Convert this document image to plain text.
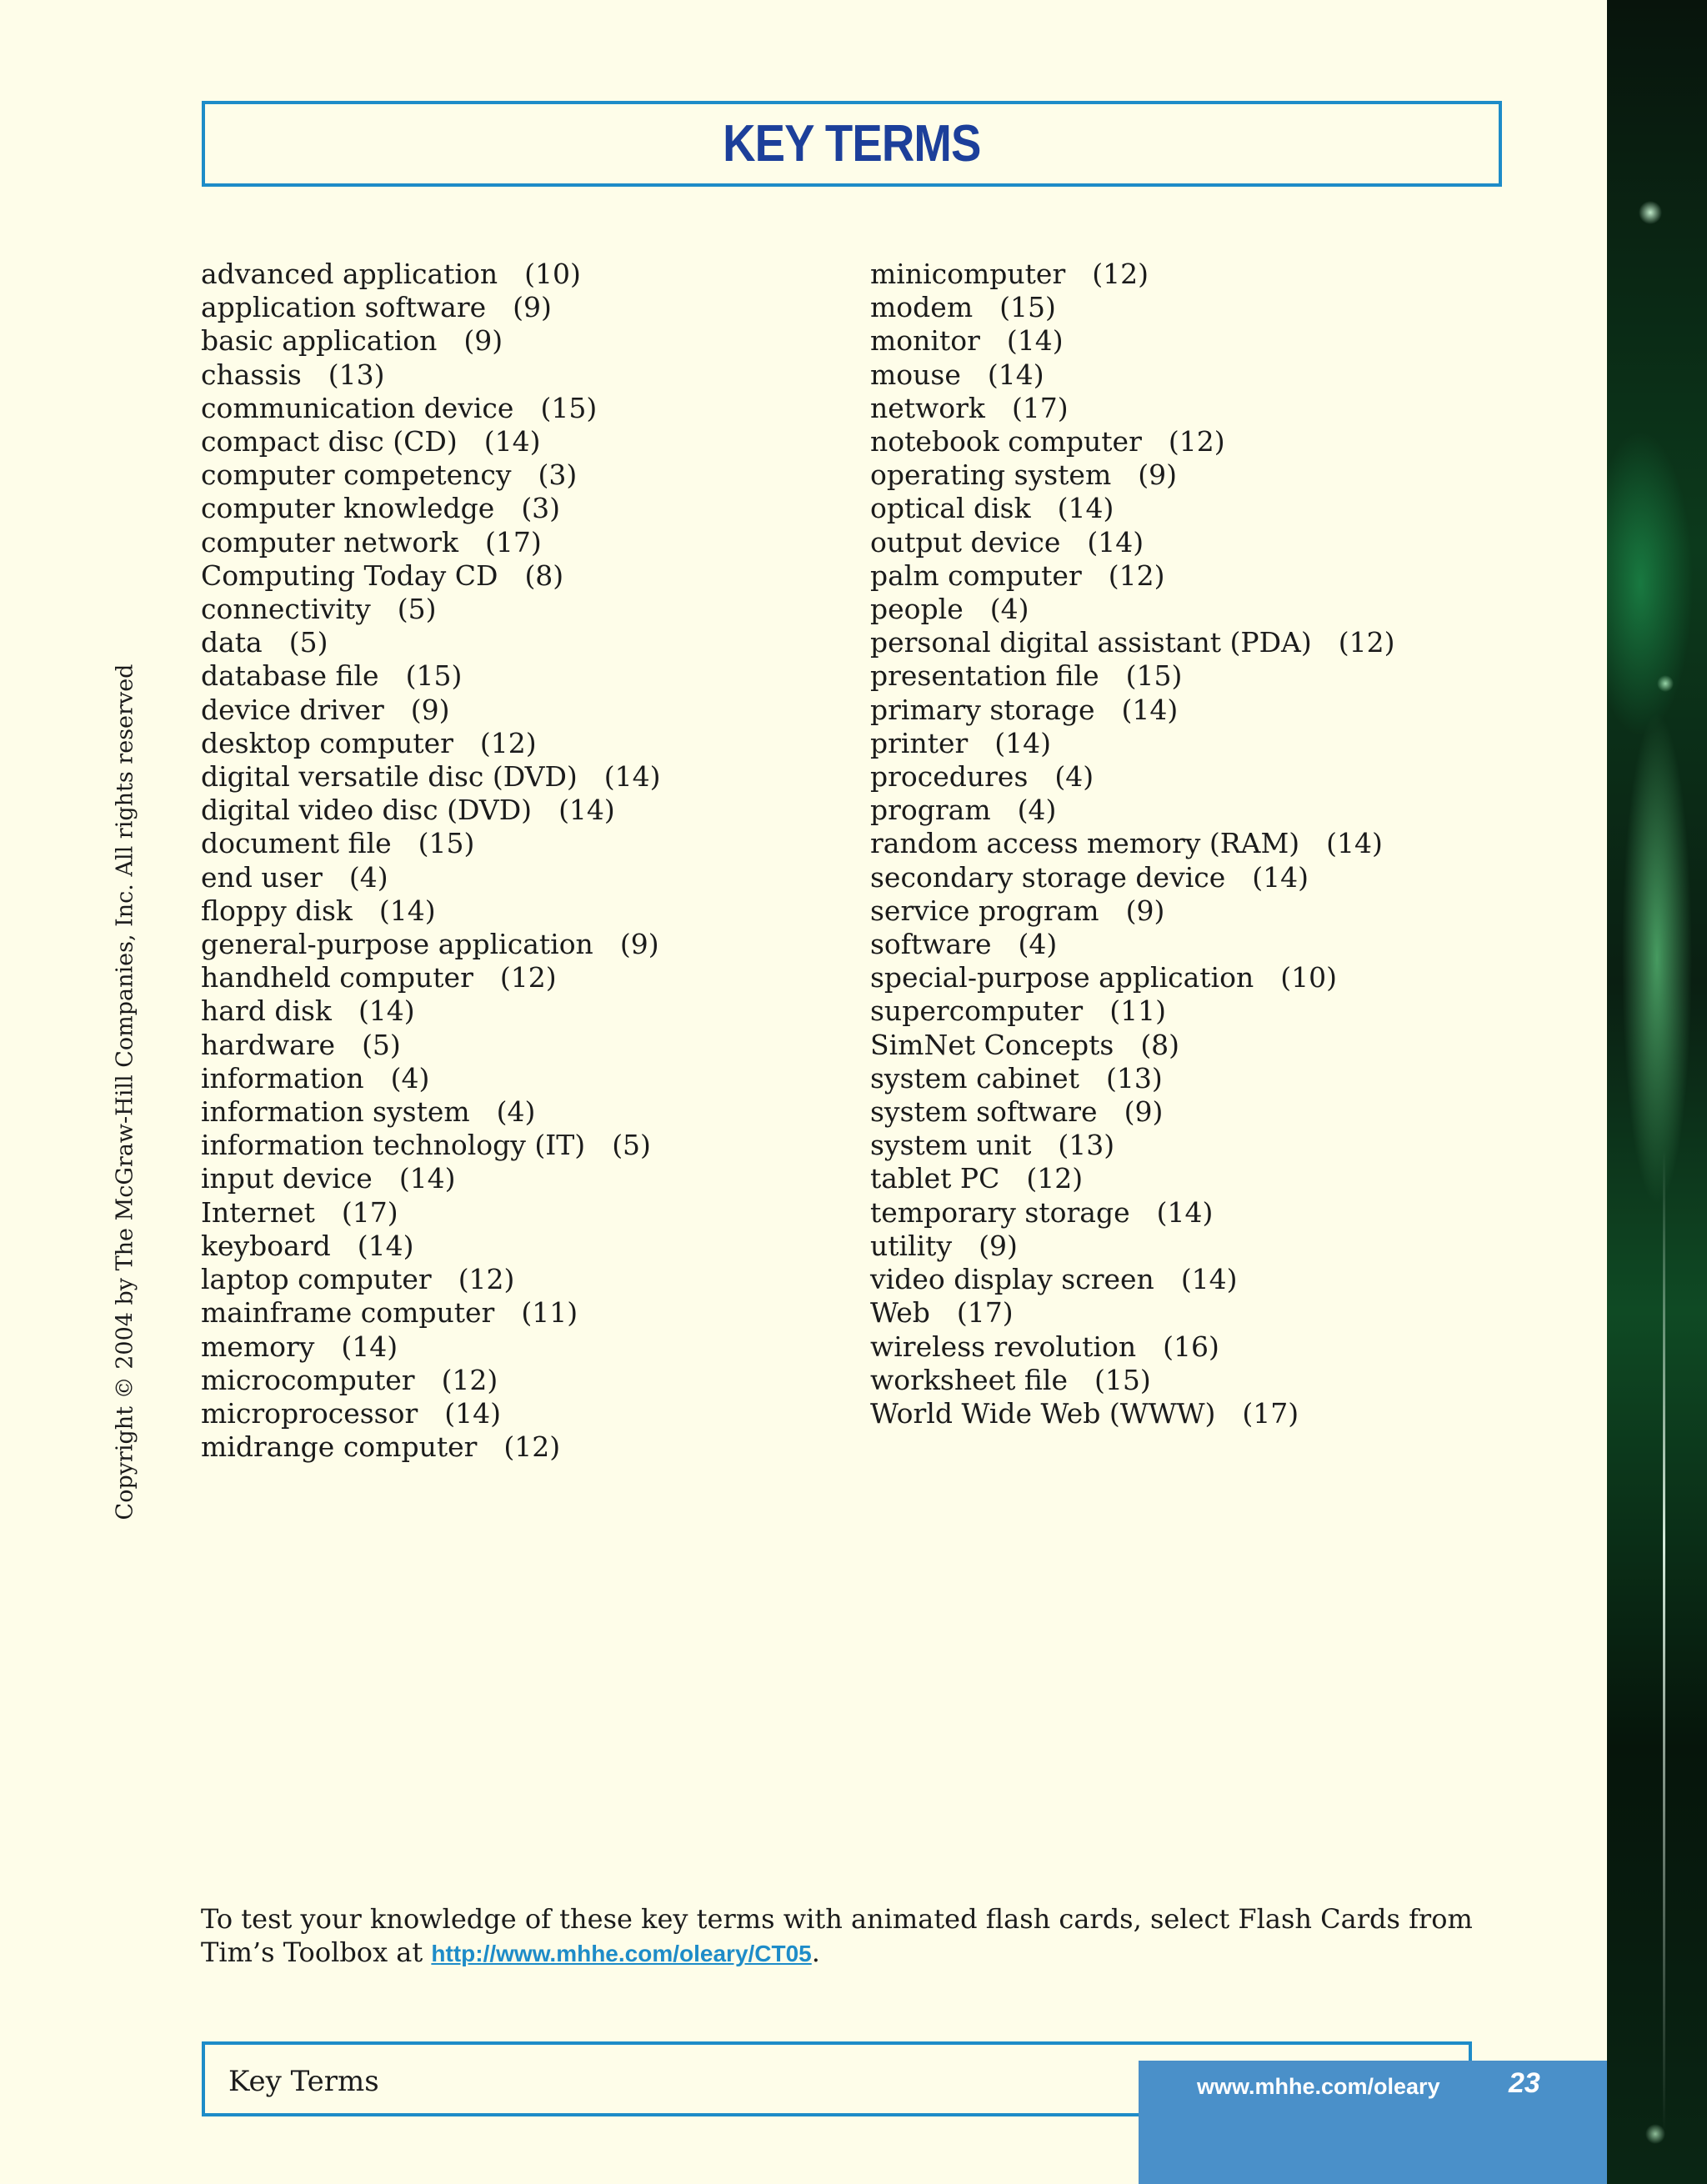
KEY TERMS
Copyright © 2004 by The McGraw-Hill Companies, Inc. All rights reserved
advanced application (10)
application software (9)
basic application (9)
chassis (13)
communication device (15)
compact disc (CD) (14)
computer competency (3)
computer knowledge (3)
computer network (17)
Computing Today CD (8)
connectivity (5)
data (5)
database file (15)
device driver (9)
desktop computer (12)
digital versatile disc (DVD) (14)
digital video disc (DVD) (14)
document file (15)
end user (4)
floppy disk (14)
general-purpose application (9)
handheld computer (12)
hard disk (14)
hardware (5)
information (4)
information system (4)
information technology (IT) (5)
input device (14)
Internet (17)
keyboard (14)
laptop computer (12)
mainframe computer (11)
memory (14)
microcomputer (12)
microprocessor (14)
midrange computer (12)
minicomputer (12)
modem (15)
monitor (14)
mouse (14)
network (17)
notebook computer (12)
operating system (9)
optical disk (14)
output device (14)
palm computer (12)
people (4)
personal digital assistant (PDA) (12)
presentation file (15)
primary storage (14)
printer (14)
procedures (4)
program (4)
random access memory (RAM) (14)
secondary storage device (14)
service program (9)
software (4)
special-purpose application (10)
supercomputer (11)
SimNet Concepts (8)
system cabinet (13)
system software (9)
system unit (13)
tablet PC (12)
temporary storage (14)
utility (9)
video display screen (14)
Web (17)
wireless revolution (16)
worksheet file (15)
World Wide Web (WWW) (17)
To test your knowledge of these key terms with animated flash cards, select Flash Cards from Tim’s Toolbox at http://www.mhhe.com/oleary/CT05.
Key Terms	www.mhhe.com/oleary 23
